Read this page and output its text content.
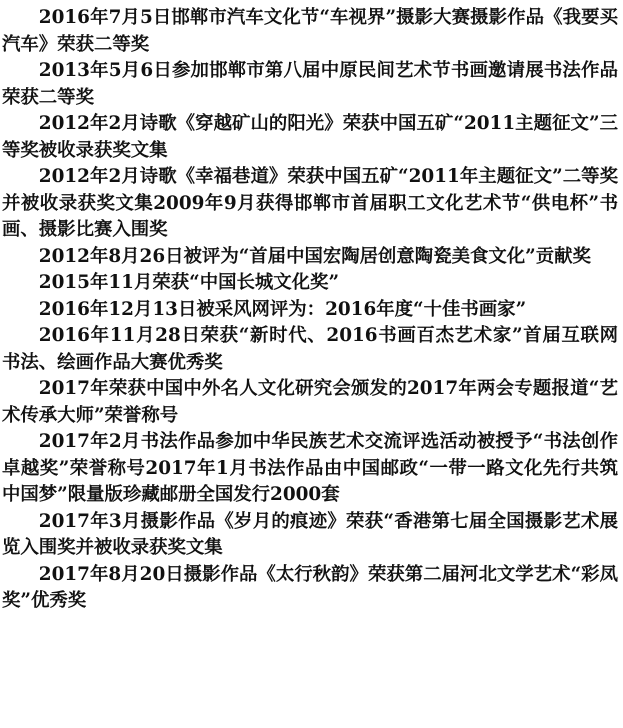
2016年7月5日邯郸市汽车文化节“车视界”摄影大赛摄影作品《我要买汽车》荣获二等奖

2013年5月6日参加邯郸市第八届中原民间艺术节书画邀请展书法作品荣获二等奖

2012年2月诗歌《穿越矿山的阳光》荣获中国五矿“2011主题征文”三等奖被收录获奖文集

2012年2月诗歌《幸福巷道》荣获中国五矿“2011年主题征文”二等奖并被收录获奖文集2009年9月获得邯郸市首届职工文化艺术节“供电杯”书画、摄影比赛入围奖

2012年8月26日被评为“首届中国宏陶居创意陶瓷美食文化”贡献奖

2015年11月荣获“中国长城文化奖”

2016年12月13日被采风网评为：2016年度“十佳书画家”

2016年11月28日荣获“新时代、2016书画百杰艺术家”首届互联网书法、绘画作品大赛优秀奖

2017年荣获中国中外名人文化研究会颁发的2017年两会专题报道“艺术传承大师”荣誉称号

2017年2月书法作品参加中华民族艺术交流评选活动被授予“书法创作卓越奖”荣誉称号2017年1月书法作品由中国邮政“一带一路文化先行共筑中国梦”限量版珍藏邮册全国发行2000套

2017年3月摄影作品《岁月的痕迹》荣获“香港第七届全国摄影艺术展览入围奖并被收录获奖文集

2017年8月20日摄影作品《太行秋韵》荣获第二届河北文学艺术“彩凤奖”优秀奖
